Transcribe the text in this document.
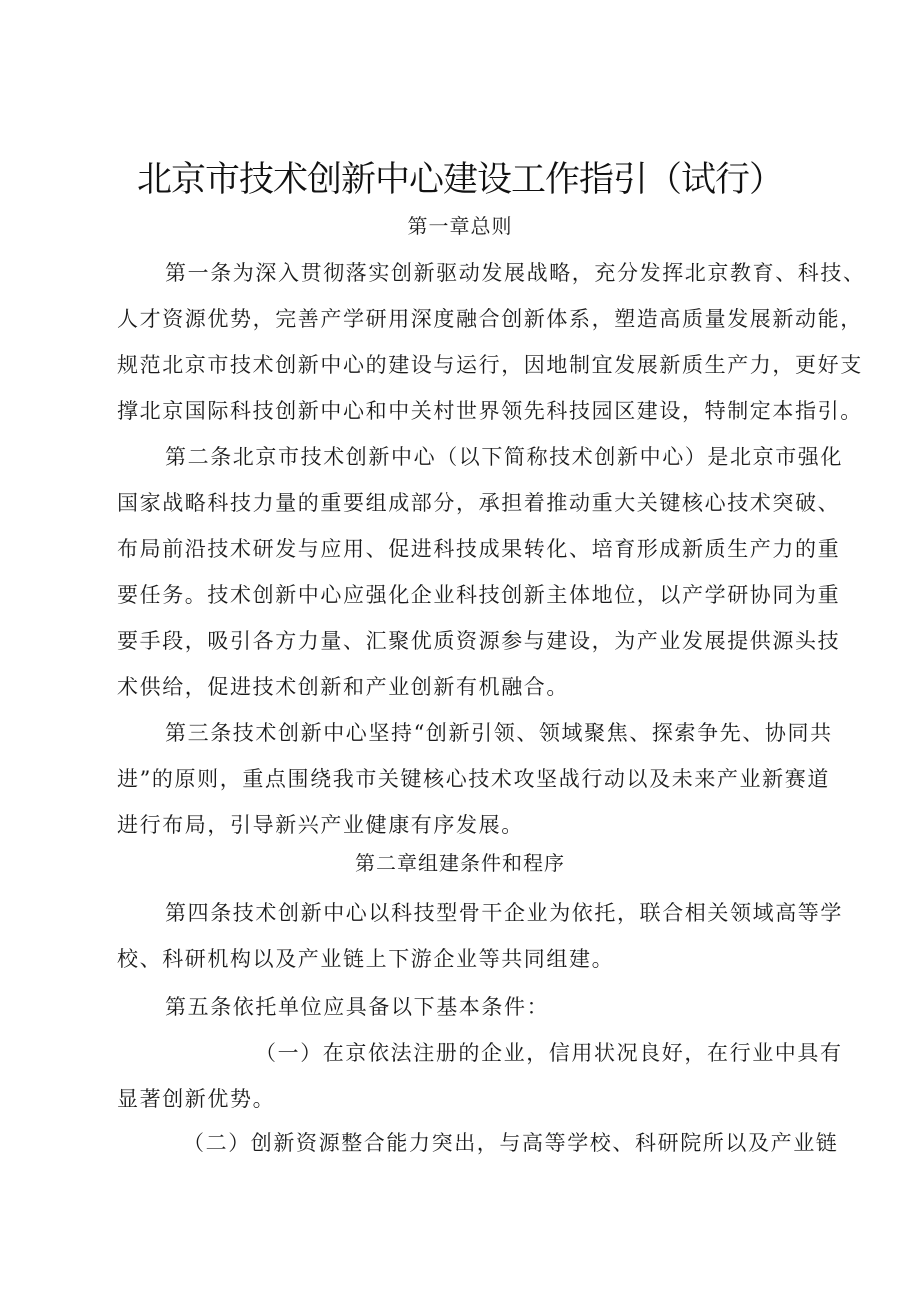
北京市技术创新中心建设工作指引（试行）

第一章总则

第一条为深入贯彻落实创新驱动发展战略，充分发挥北京教育、科技、
人才资源优势，完善产学研用深度融合创新体系，塑造高质量发展新动能，
规范北京市技术创新中心的建设与运行，因地制宜发展新质生产力，更好支
撑北京国际科技创新中心和中关村世界领先科技园区建设，特制定本指引。
第二条北京市技术创新中心（以下简称技术创新中心）是北京市强化
国家战略科技力量的重要组成部分，承担着推动重大关键核心技术突破、
布局前沿技术研发与应用、促进科技成果转化、培育形成新质生产力的重
要任务。技术创新中心应强化企业科技创新主体地位，以产学研协同为重
要手段，吸引各方力量、汇聚优质资源参与建设，为产业发展提供源头技
术供给，促进技术创新和产业创新有机融合。
第三条技术创新中心坚持“创新引领、领域聚焦、探索争先、协同共
进”的原则，重点围绕我市关键核心技术攻坚战行动以及未来产业新赛道
进行布局，引导新兴产业健康有序发展。

第二章组建条件和程序

第四条技术创新中心以科技型骨干企业为依托，联合相关领域高等学
校、科研机构以及产业链上下游企业等共同组建。
第五条依托单位应具备以下基本条件：
（一）在京依法注册的企业，信用状况良好，在行业中具有
显著创新优势。
（二）创新资源整合能力突出，与高等学校、科研院所以及产业链
